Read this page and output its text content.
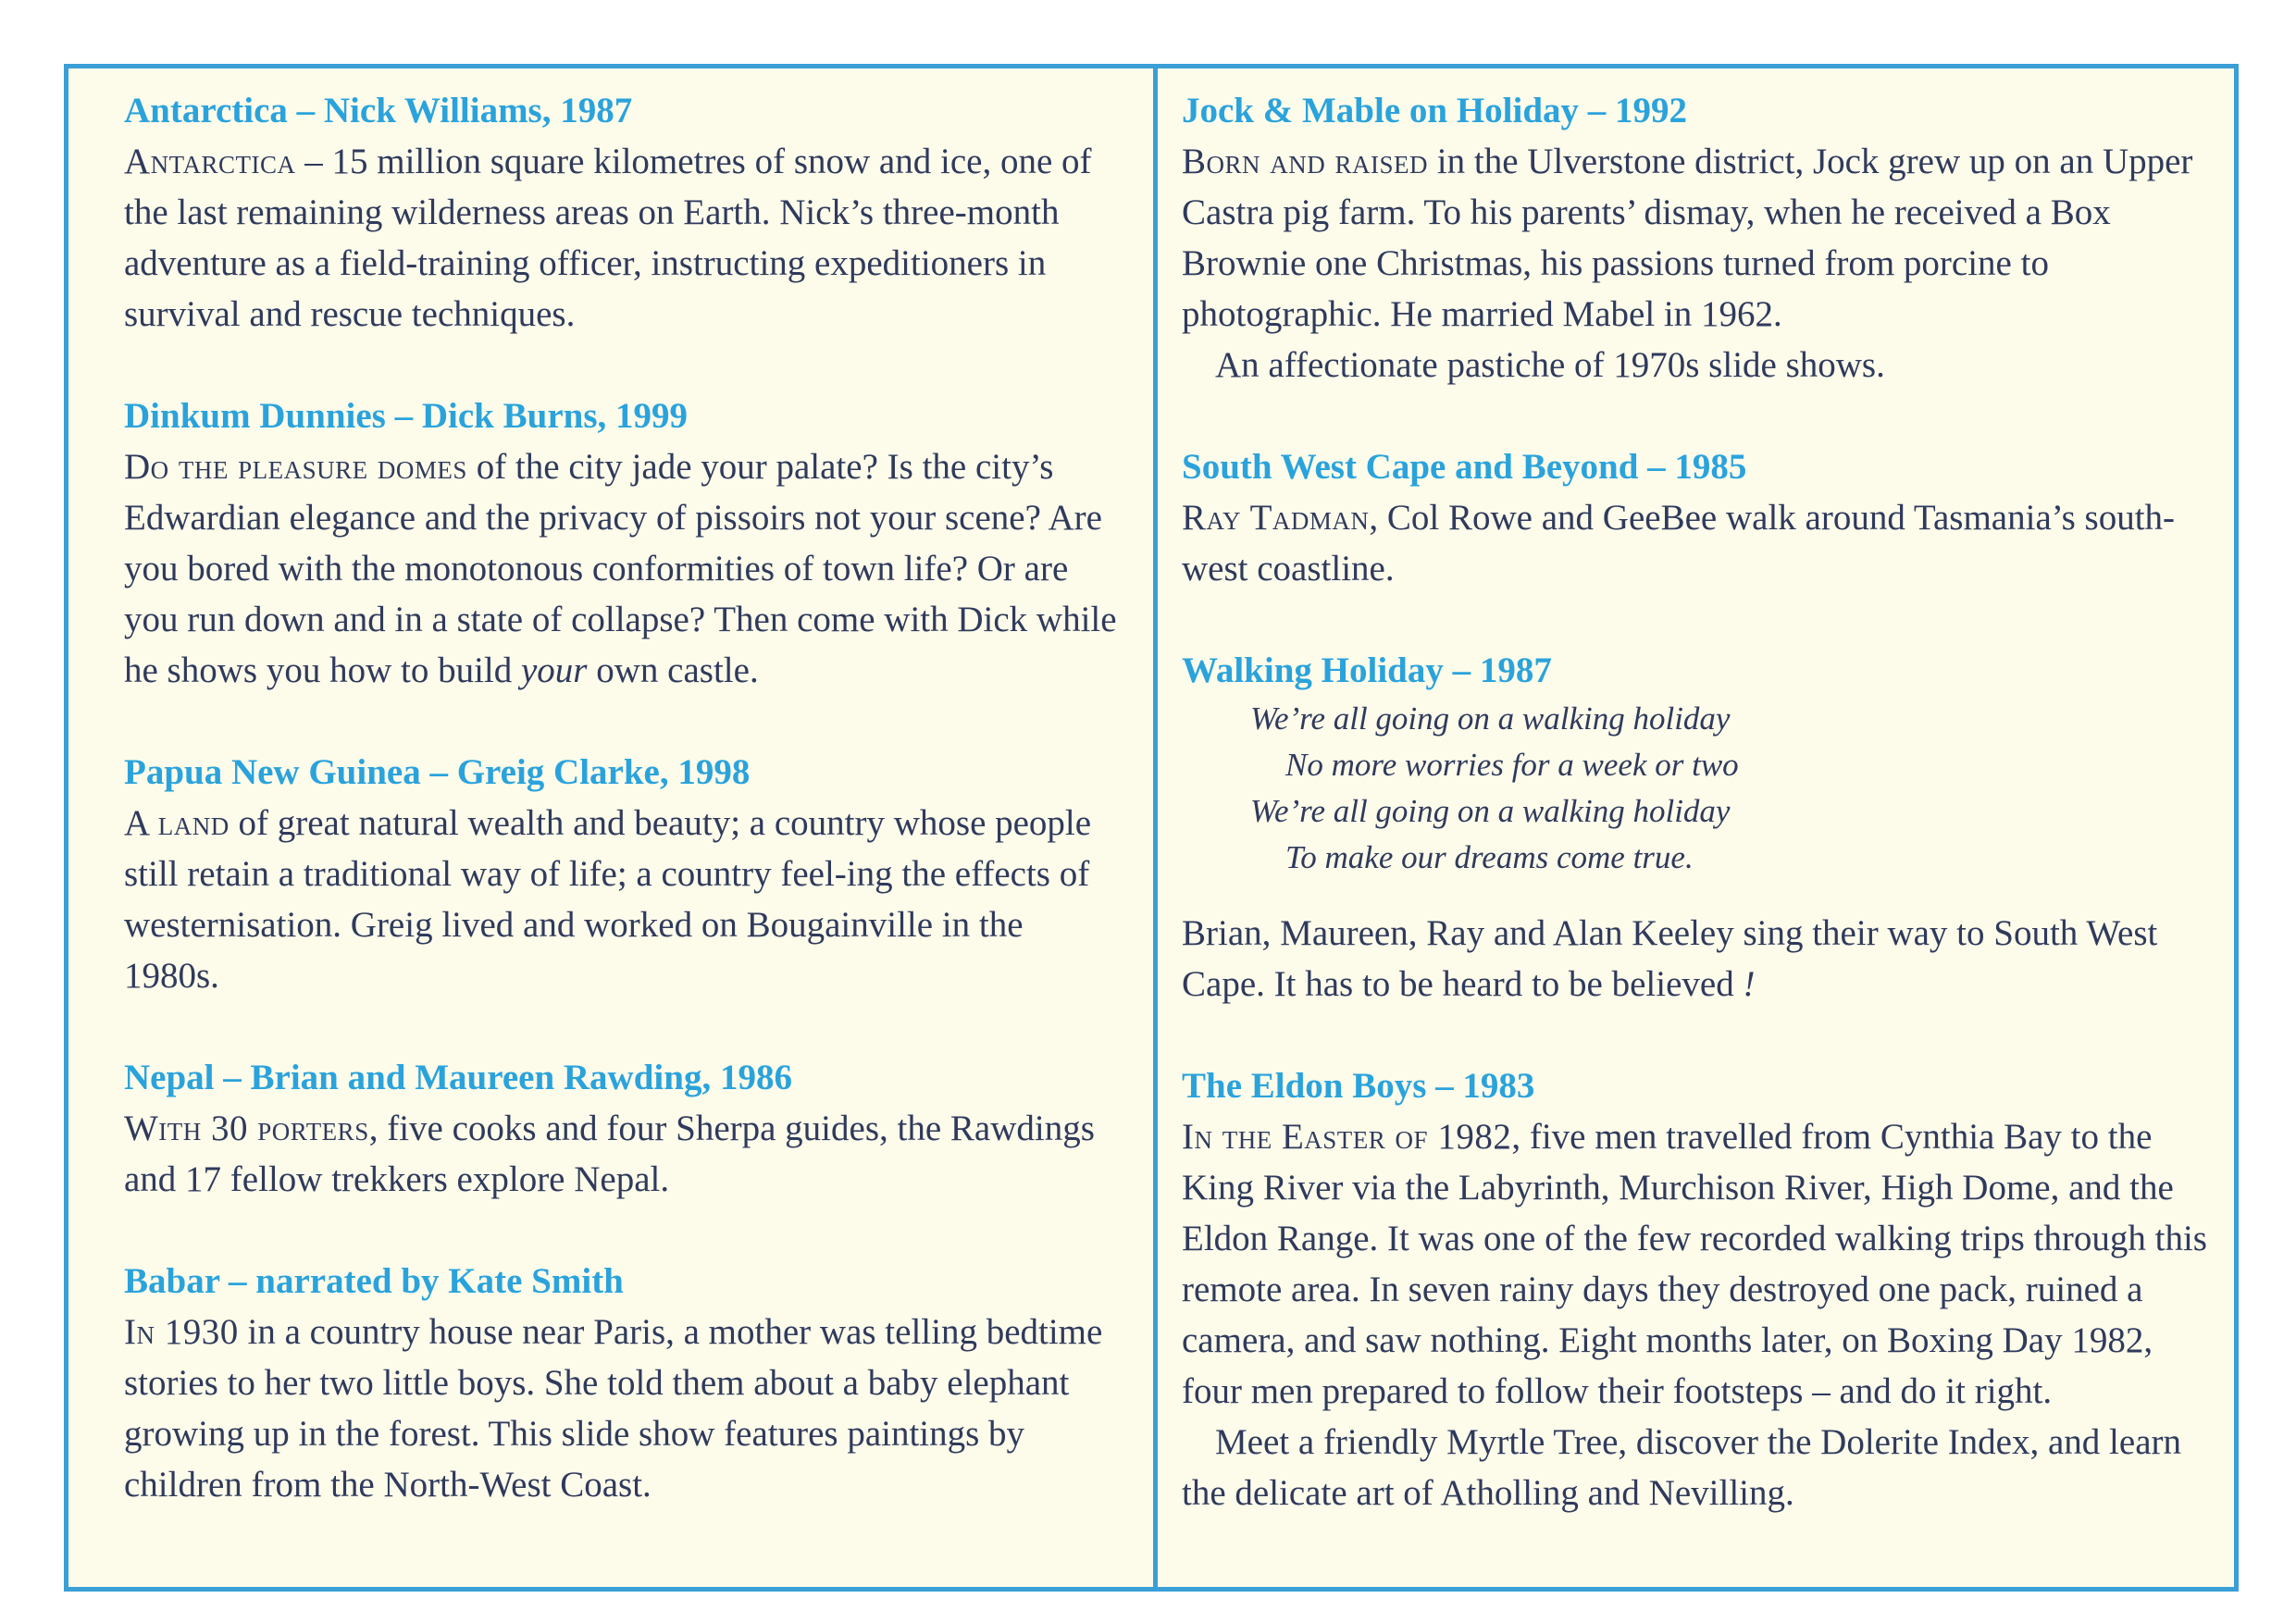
Antarctica – Nick Williams, 1987

Antarctica – 15 million square kilometres of snow and ice, one of the last remaining wilderness areas on Earth. Nick’s three-month adventure as a field-training officer, instructing expeditioners in survival and rescue techniques.

Dinkum Dunnies – Dick Burns, 1999

Do the pleasure domes of the city jade your palate? Is the city’s Edwardian elegance and the privacy of pissoirs not your scene? Are you bored with the monotonous conformities of town life? Or are you run down and in a state of collapse? Then come with Dick while he shows you how to build your own castle.

Papua New Guinea – Greig Clarke, 1998

A land of great natural wealth and beauty; a country whose people still retain a traditional way of life; a country feel-ing the effects of westernisation. Greig lived and worked on Bougainville in the 1980s.

Nepal – Brian and Maureen Rawding, 1986

With 30 porters, five cooks and four Sherpa guides, the Rawdings and 17 fellow trekkers explore Nepal.

Babar – narrated by Kate Smith

In 1930 in a country house near Paris, a mother was telling bedtime stories to her two little boys. She told them about a baby elephant growing up in the forest. This slide show features paintings by children from the North-West Coast.

Jock & Mable on Holiday – 1992

Born and raised in the Ulverstone district, Jock grew up on an Upper Castra pig farm. To his parents’ dismay, when he received a Box Brownie one Christmas, his passions turned from porcine to photographic. He married Mabel in 1962.

An affectionate pastiche of 1970s slide shows.

South West Cape and Beyond – 1985

Ray Tadman, Col Rowe and GeeBee walk around Tasmania’s south-west coastline.

Walking Holiday – 1987

We’re all going on a walking holiday

No more worries for a week or two

We’re all going on a walking holiday

To make our dreams come true.

Brian, Maureen, Ray and Alan Keeley sing their way to South West Cape. It has to be heard to be believed !

The Eldon Boys – 1983

In the Easter of 1982, five men travelled from Cynthia Bay to the King River via the Labyrinth, Murchison River, High Dome, and the Eldon Range. It was one of the few recorded walking trips through this remote area. In seven rainy days they destroyed one pack, ruined a camera, and saw nothing. Eight months later, on Boxing Day 1982, four men prepared to follow their footsteps – and do it right.

Meet a friendly Myrtle Tree, discover the Dolerite Index, and learn the delicate art of Atholling and Nevilling.
